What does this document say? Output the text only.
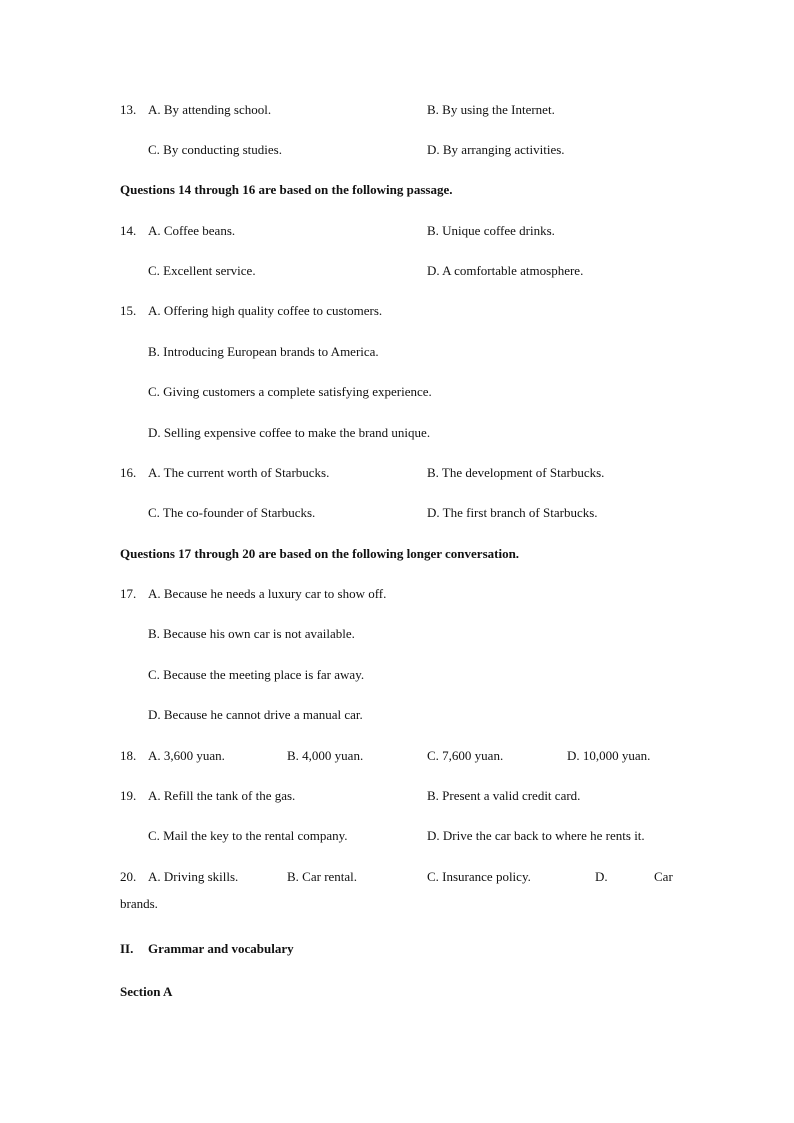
13. A. By attending school.	B. By using the Internet.
C. By conducting studies.	D. By arranging activities.
Questions 14 through 16 are based on the following passage.
14. A. Coffee beans.	B. Unique coffee drinks.
C. Excellent service.	D. A comfortable atmosphere.
15. A. Offering high quality coffee to customers.
B. Introducing European brands to America.
C. Giving customers a complete satisfying experience.
D. Selling expensive coffee to make the brand unique.
16. A. The current worth of Starbucks.	B. The development of Starbucks.
C. The co-founder of Starbucks.	D. The first branch of Starbucks.
Questions 17 through 20 are based on the following longer conversation.
17. A. Because he needs a luxury car to show off.
B. Because his own car is not available.
C. Because the meeting place is far away.
D. Because he cannot drive a manual car.
18. A. 3,600 yuan.	B. 4,000 yuan.	C. 7,600 yuan.	D. 10,000 yuan.
19. A. Refill the tank of the gas.	B. Present a valid credit card.
C. Mail the key to the rental company.	D. Drive the car back to where he rents it.
20. A. Driving skills.	B. Car rental.	C. Insurance policy.	D.	Car
brands.
II. Grammar and vocabulary
Section A
